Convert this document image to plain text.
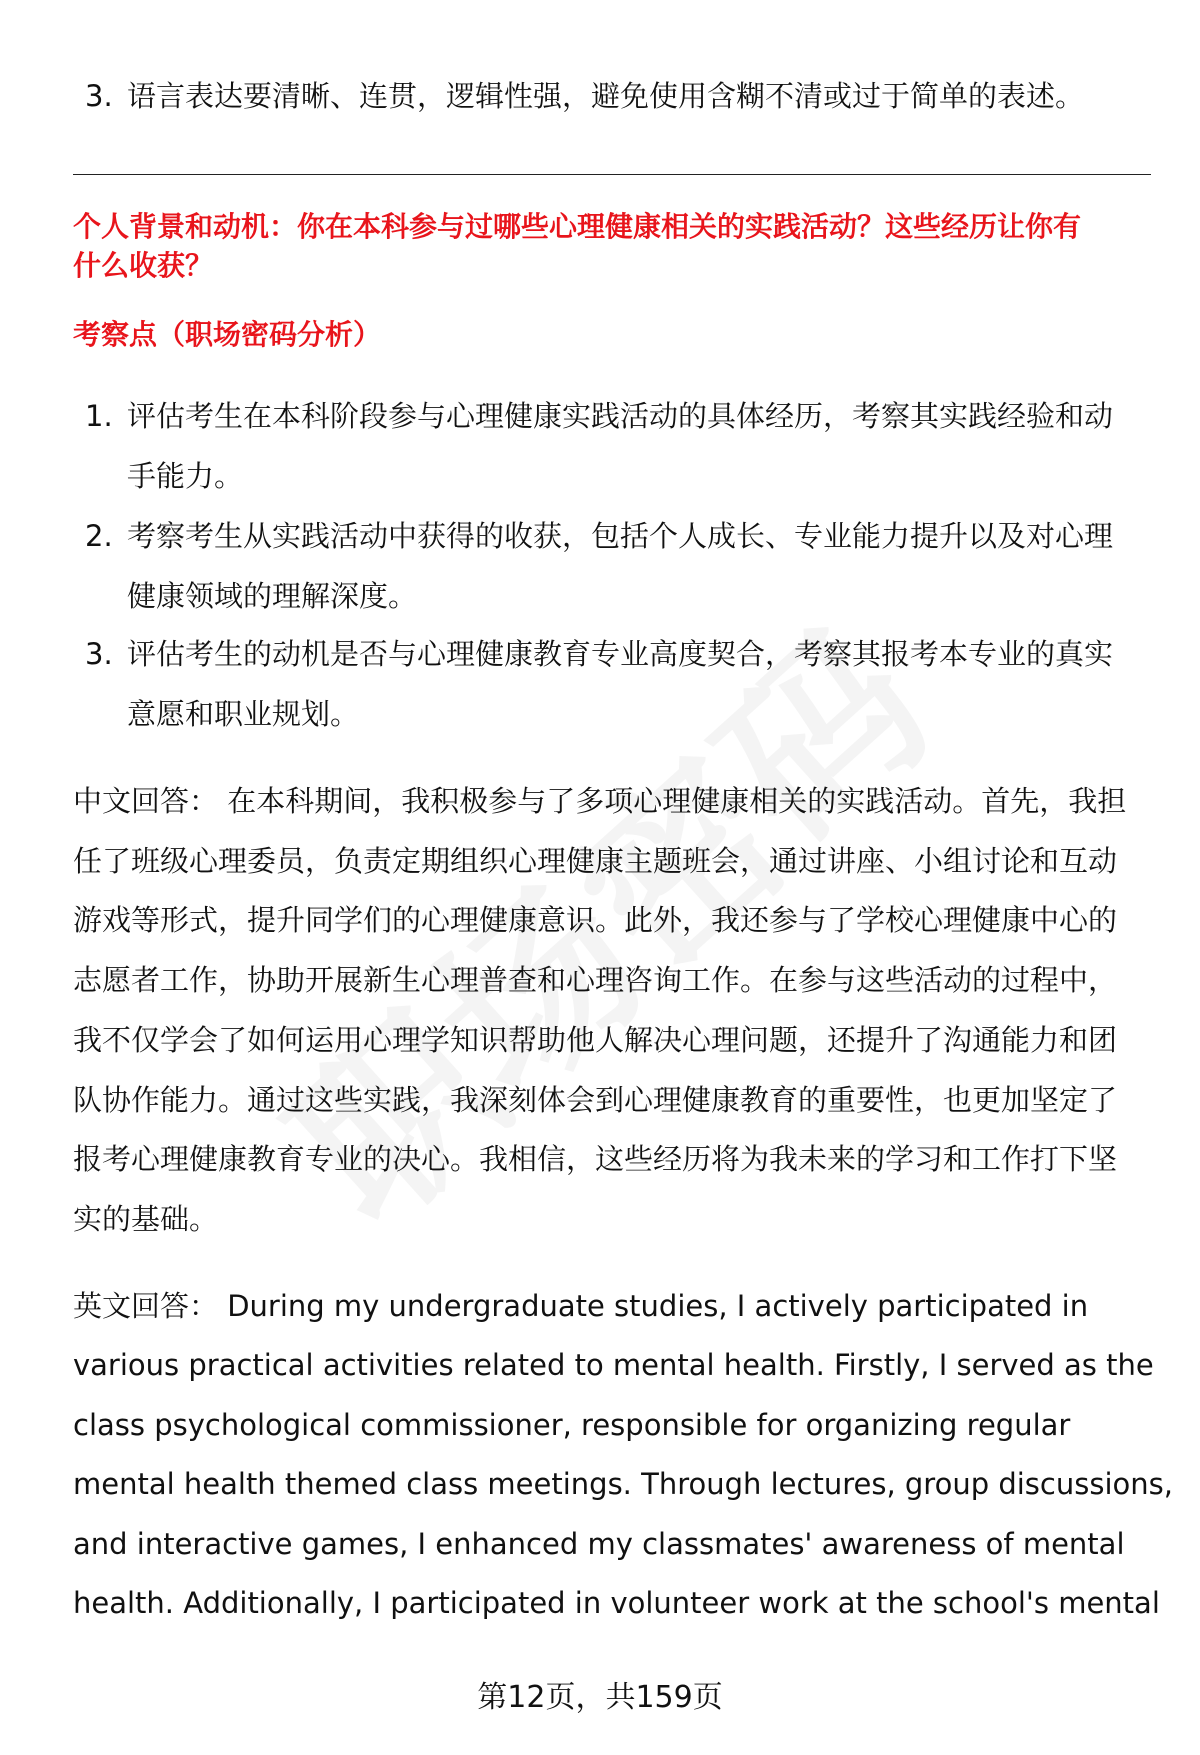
3. 语言表达要清晰、连贯，逻辑性强，避免使用含糊不清或过于简单的表述。
个人背景和动机：你在本科参与过哪些心理健康相关的实践活动？这些经历让你有
什么收获？
考察点（职场密码分析）
1. 评估考生在本科阶段参与心理健康实践活动的具体经历，考察其实践经验和动
手能力。
2. 考察考生从实践活动中获得的收获，包括个人成长、专业能力提升以及对心理
健康领域的理解深度。
3. 评估考生的动机是否与心理健康教育专业高度契合，考察其报考本专业的真实
意愿和职业规划。
中文回答： 在本科期间，我积极参与了多项心理健康相关的实践活动。首先，我担
任了班级心理委员，负责定期组织心理健康主题班会，通过讲座、小组讨论和互动
游戏等形式，提升同学们的心理健康意识。此外，我还参与了学校心理健康中心的
志愿者工作，协助开展新生心理普查和心理咨询工作。在参与这些活动的过程中，
我不仅学会了如何运用心理学知识帮助他人解决心理问题，还提升了沟通能力和团
队协作能力。通过这些实践，我深刻体会到心理健康教育的重要性，也更加坚定了
报考心理健康教育专业的决心。我相信，这些经历将为我未来的学习和工作打下坚
实的基础。
英文回答： During my undergraduate studies, I actively participated in
various practical activities related to mental health. Firstly, I served as the
class psychological commissioner, responsible for organizing regular
mental health themed class meetings. Through lectures, group discussions,
and interactive games, I enhanced my classmates' awareness of mental
health. Additionally, I participated in volunteer work at the school's mental
第12页，共159页
